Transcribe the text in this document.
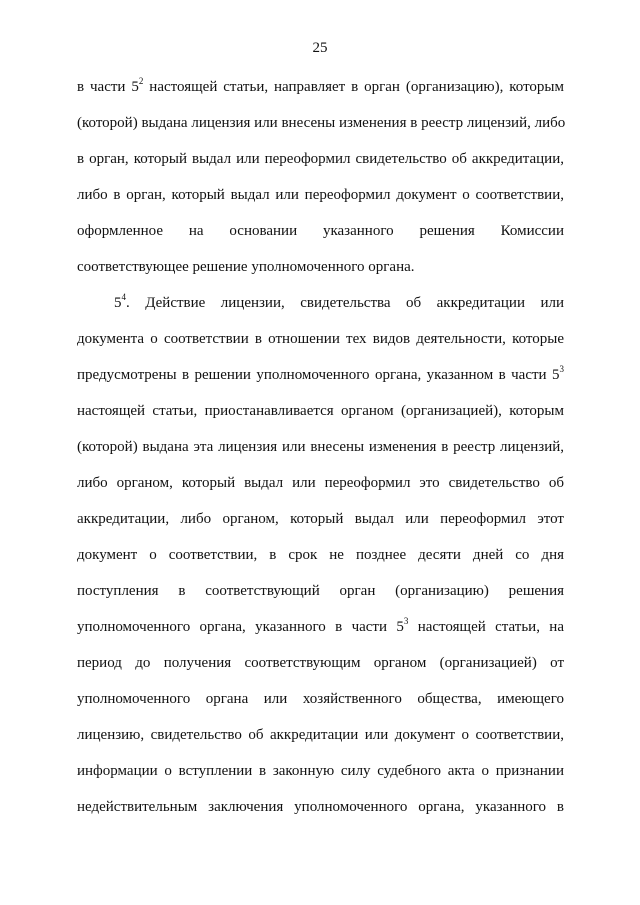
25
в части $5^2$ настоящей статьи, направляет в орган (организацию), которым
(которой) выдана лицензия или внесены изменения в реестр лицензий, либо
в орган, который выдал или переоформил свидетельство об аккредитации,
либо в орган, который выдал или переоформил документ о соответствии,
оформленное на основании указанного решения Комиссии
соответствующее решение уполномоченного органа.
$5^4$. Действие лицензии, свидетельства об аккредитации или
документа о соответствии в отношении тех видов деятельности, которые
предусмотрены в решении уполномоченного органа, указанном в части $5^3$
настоящей статьи, приостанавливается органом (организацией), которым
(которой) выдана эта лицензия или внесены изменения в реестр лицензий,
либо органом, который выдал или переоформил это свидетельство об
аккредитации, либо органом, который выдал или переоформил этот
документ о соответствии, в срок не позднее десяти дней со дня
поступления в соответствующий орган (организацию) решения
уполномоченного органа, указанного в части $5^3$ настоящей статьи, на
период до получения соответствующим органом (организацией) от
уполномоченного органа или хозяйственного общества, имеющего
лицензию, свидетельство об аккредитации или документ о соответствии,
информации о вступлении в законную силу судебного акта о признании
недействительным заключения уполномоченного органа, указанного в
